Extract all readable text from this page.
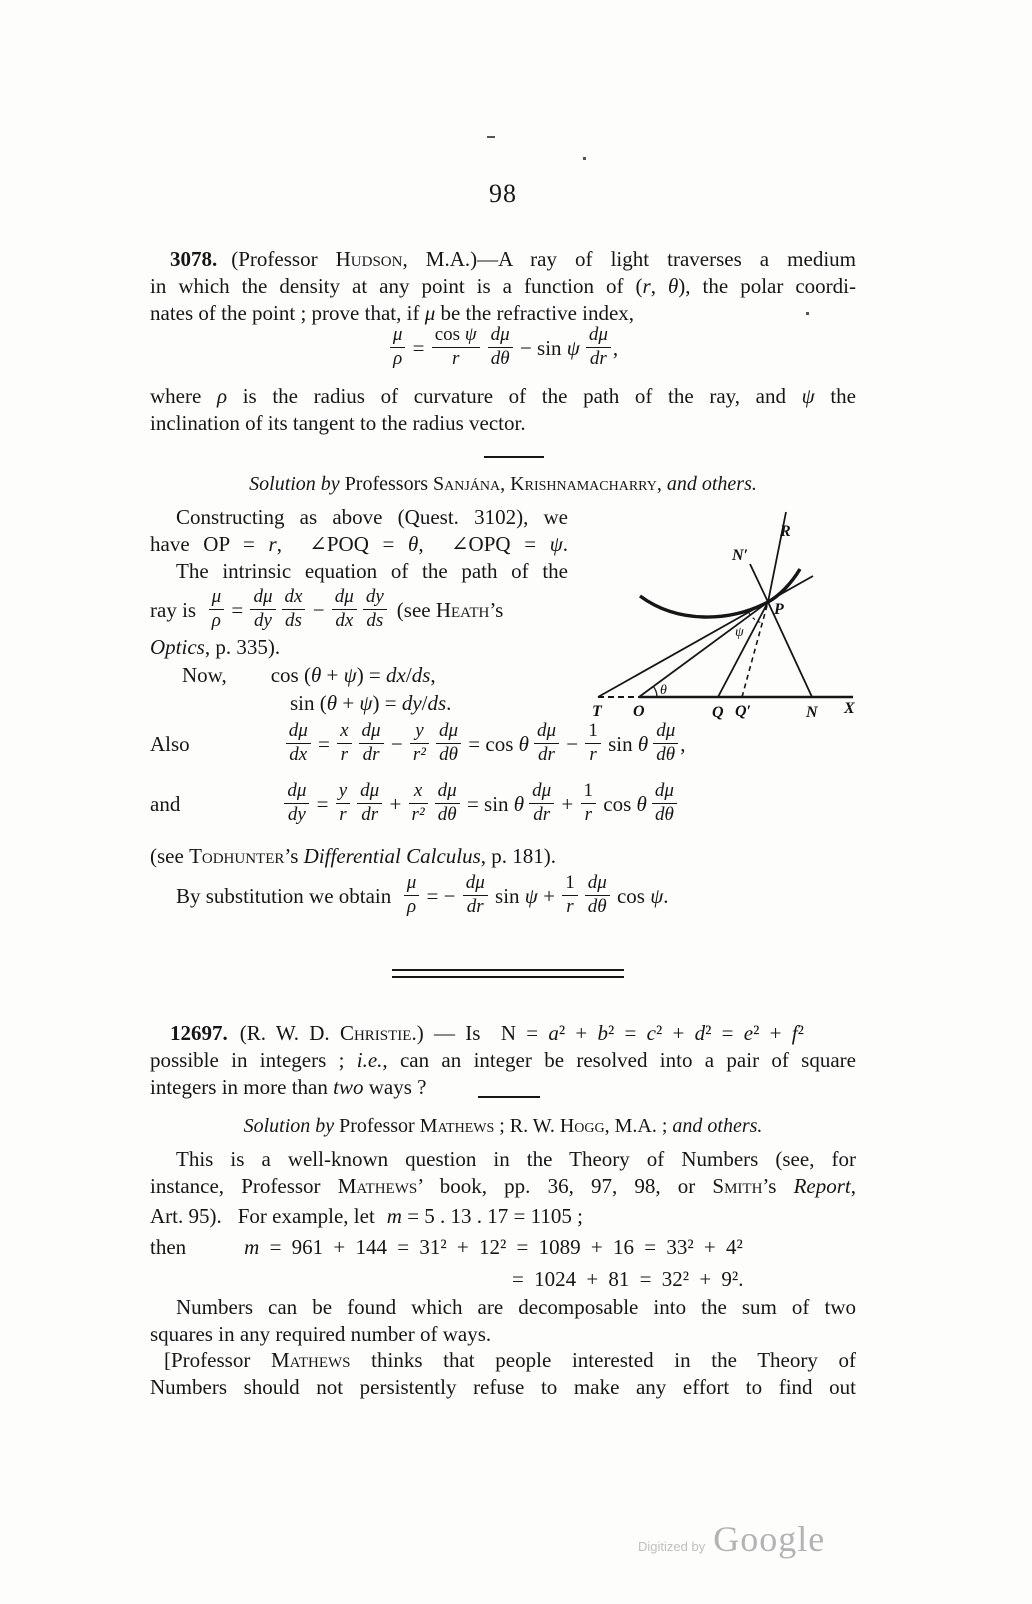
98
3078. (Professor Hudson, M.A.)—A ray of light traverses a medium
in which the density at any point is a function of (r, θ), the polar coordi-
nates of the point ; prove that, if μ be the refractive index,
$\frac{\mu}{\rho} = \frac{\text{cos ψ}}{r} \frac{d\mu}{d\theta} - \sin \psi \frac{d\mu}{dr}$ ,
where ρ is the radius of curvature of the path of the ray, and ψ the
inclination of its tangent to the radius vector.
Solution by Professors Sanjána, Krishnamacharry, and others.
Constructing as above (Quest. 3102), we
have OP = r,  ∠POQ = θ,  ∠OPQ = ψ.
The intrinsic equation of the path of the
ray is $\frac{\mu}{\rho} = \frac{d\mu}{dy} \frac{dx}{ds} - \frac{d\mu}{dx} \frac{dy}{ds} (see$ Heath’s
Optics, p. 335).
Now, cos (θ + ψ) = dx/ds,
sin (θ + ψ) = dy/ds.
R
N′
P
ψ
θ
T O	Q Q′	N X
Also	$\frac{d\mu}{dx} = \frac{x}{r} \frac{d\mu}{dr} - \frac{y}{\text{r²}} \frac{d\mu}{d\theta} = \cos \theta \frac{d\mu}{dr} - \frac{1}{r}$ sin θ $\frac{d\mu}{d\theta}$ ,
and	$\frac{d\mu}{dy} = \frac{y}{r} \frac{d\mu}{dr} + \frac{x}{\text{r²}} \frac{d\mu}{d\theta} = \sin \theta \frac{d\mu}{dr} + \frac{1}{r}$ cos θ $\frac{d\mu}{d\theta}$
(see Todhunter’s Differential Calculus, p. 181).
By substitution we obtain $\frac{\mu}{\rho}$ = − $\frac{d\mu}{dr}$ $\sin \psi + \frac{1}{r} \frac{d\mu}{d\theta}$ cos ψ.
12697. (R. W. D. Christie.) — Is  N = a² + b² = c² + d² = e² + f²
possible in integers ; i.e., can an integer be resolved into a pair of square
integers in more than two ways ?
Solution by Professor Mathews ; R. W. Hogg, M.A. ; and others.
This is a well-known question in the Theory of Numbers (see, for
instance, Professor Mathews’ book, pp. 36, 97, 98, or Smith’s Report,
Art. 95). For example, let m = 5 . 13 . 17 = 1105 ;
then	m = 961 + 144 = 31² + 12² = 1089 + 16 = 33² + 4²
= 1024 + 81 = 32² + 9².
Numbers can be found which are decomposable into the sum of two
squares in any required number of ways.
[Professor Mathews thinks that people interested in the Theory of
Numbers should not persistently refuse to make any effort to find out
Digitized by Google
